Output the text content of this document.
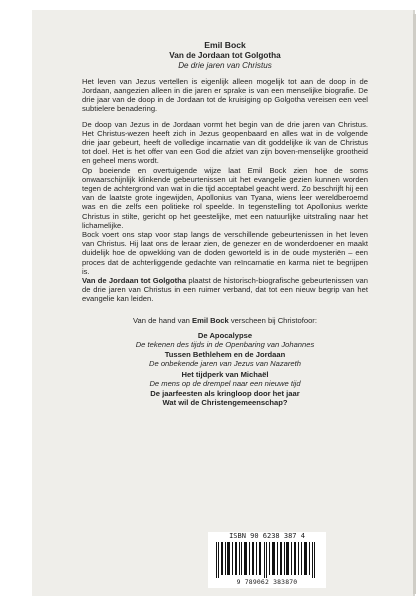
Emil Bock
Van de Jordaan tot Golgotha
De drie jaren van Christus

Het leven van Jezus vertellen is eigenlijk alleen mogelijk tot aan de doop in de Jordaan, aangezien alleen in die jaren er sprake is van een menselijke biografie. De drie jaar van de doop in de Jordaan tot de kruisiging op Golgotha vereisen een veel subtielere benadering.

De doop van Jezus in de Jordaan vormt het begin van de drie jaren van Christus. Het Christus-wezen heeft zich in Jezus geopenbaard en alles wat in de volgende drie jaar gebeurt, heeft de volledige incarnatie van dit goddelijke ik van de Christus tot doel. Het is het offer van een God die afziet van zijn boven-menselijke grootheid en geheel mens wordt.

Op boeiende en overtuigende wijze laat Emil Bock zien hoe de soms onwaarschijnlijk klinkende gebeurtenissen uit het evangelie gezien kunnen worden tegen de achtergrond van wat in die tijd acceptabel geacht werd. Zo beschrijft hij een van de laatste grote ingewijden, Apollonius van Tyana, wiens leer wereldberoemd was en die zelfs een politieke rol speelde. In tegenstelling tot Apollonius werkte Christus in stilte, gericht op het geestelijke, met een natuurlijke uitstraling naar het lichamelijke.

Bock voert ons stap voor stap langs de verschillende gebeurtenissen in het leven van Christus. Hij laat ons de leraar zien, de genezer en de wonderdoener en maakt duidelijk hoe de opwekking van de doden geworteld is in de oude mysteriën – een proces dat de achterliggende gedachte van reïncarnatie en karma niet te begrijpen is.

Van de Jordaan tot Golgotha plaatst de historisch-biografische gebeurtenissen van de drie jaren van Christus in een ruimer verband, dat tot een nieuw begrip van het evangelie kan leiden.

Van de hand van Emil Bock verscheen bij Christofoor:
De Apocalypse
De tekenen des tijds in de Openbaring van Johannes
Tussen Bethlehem en de Jordaan
De onbekende jaren van Jezus van Nazareth
Het tijdperk van Michaël
De mens op de drempel naar een nieuwe tijd
De jaarfeesten als kringloop door het jaar
Wat wil de Christengemeenschap?
ISBN 90 6238 387 4
9 789062 383870
